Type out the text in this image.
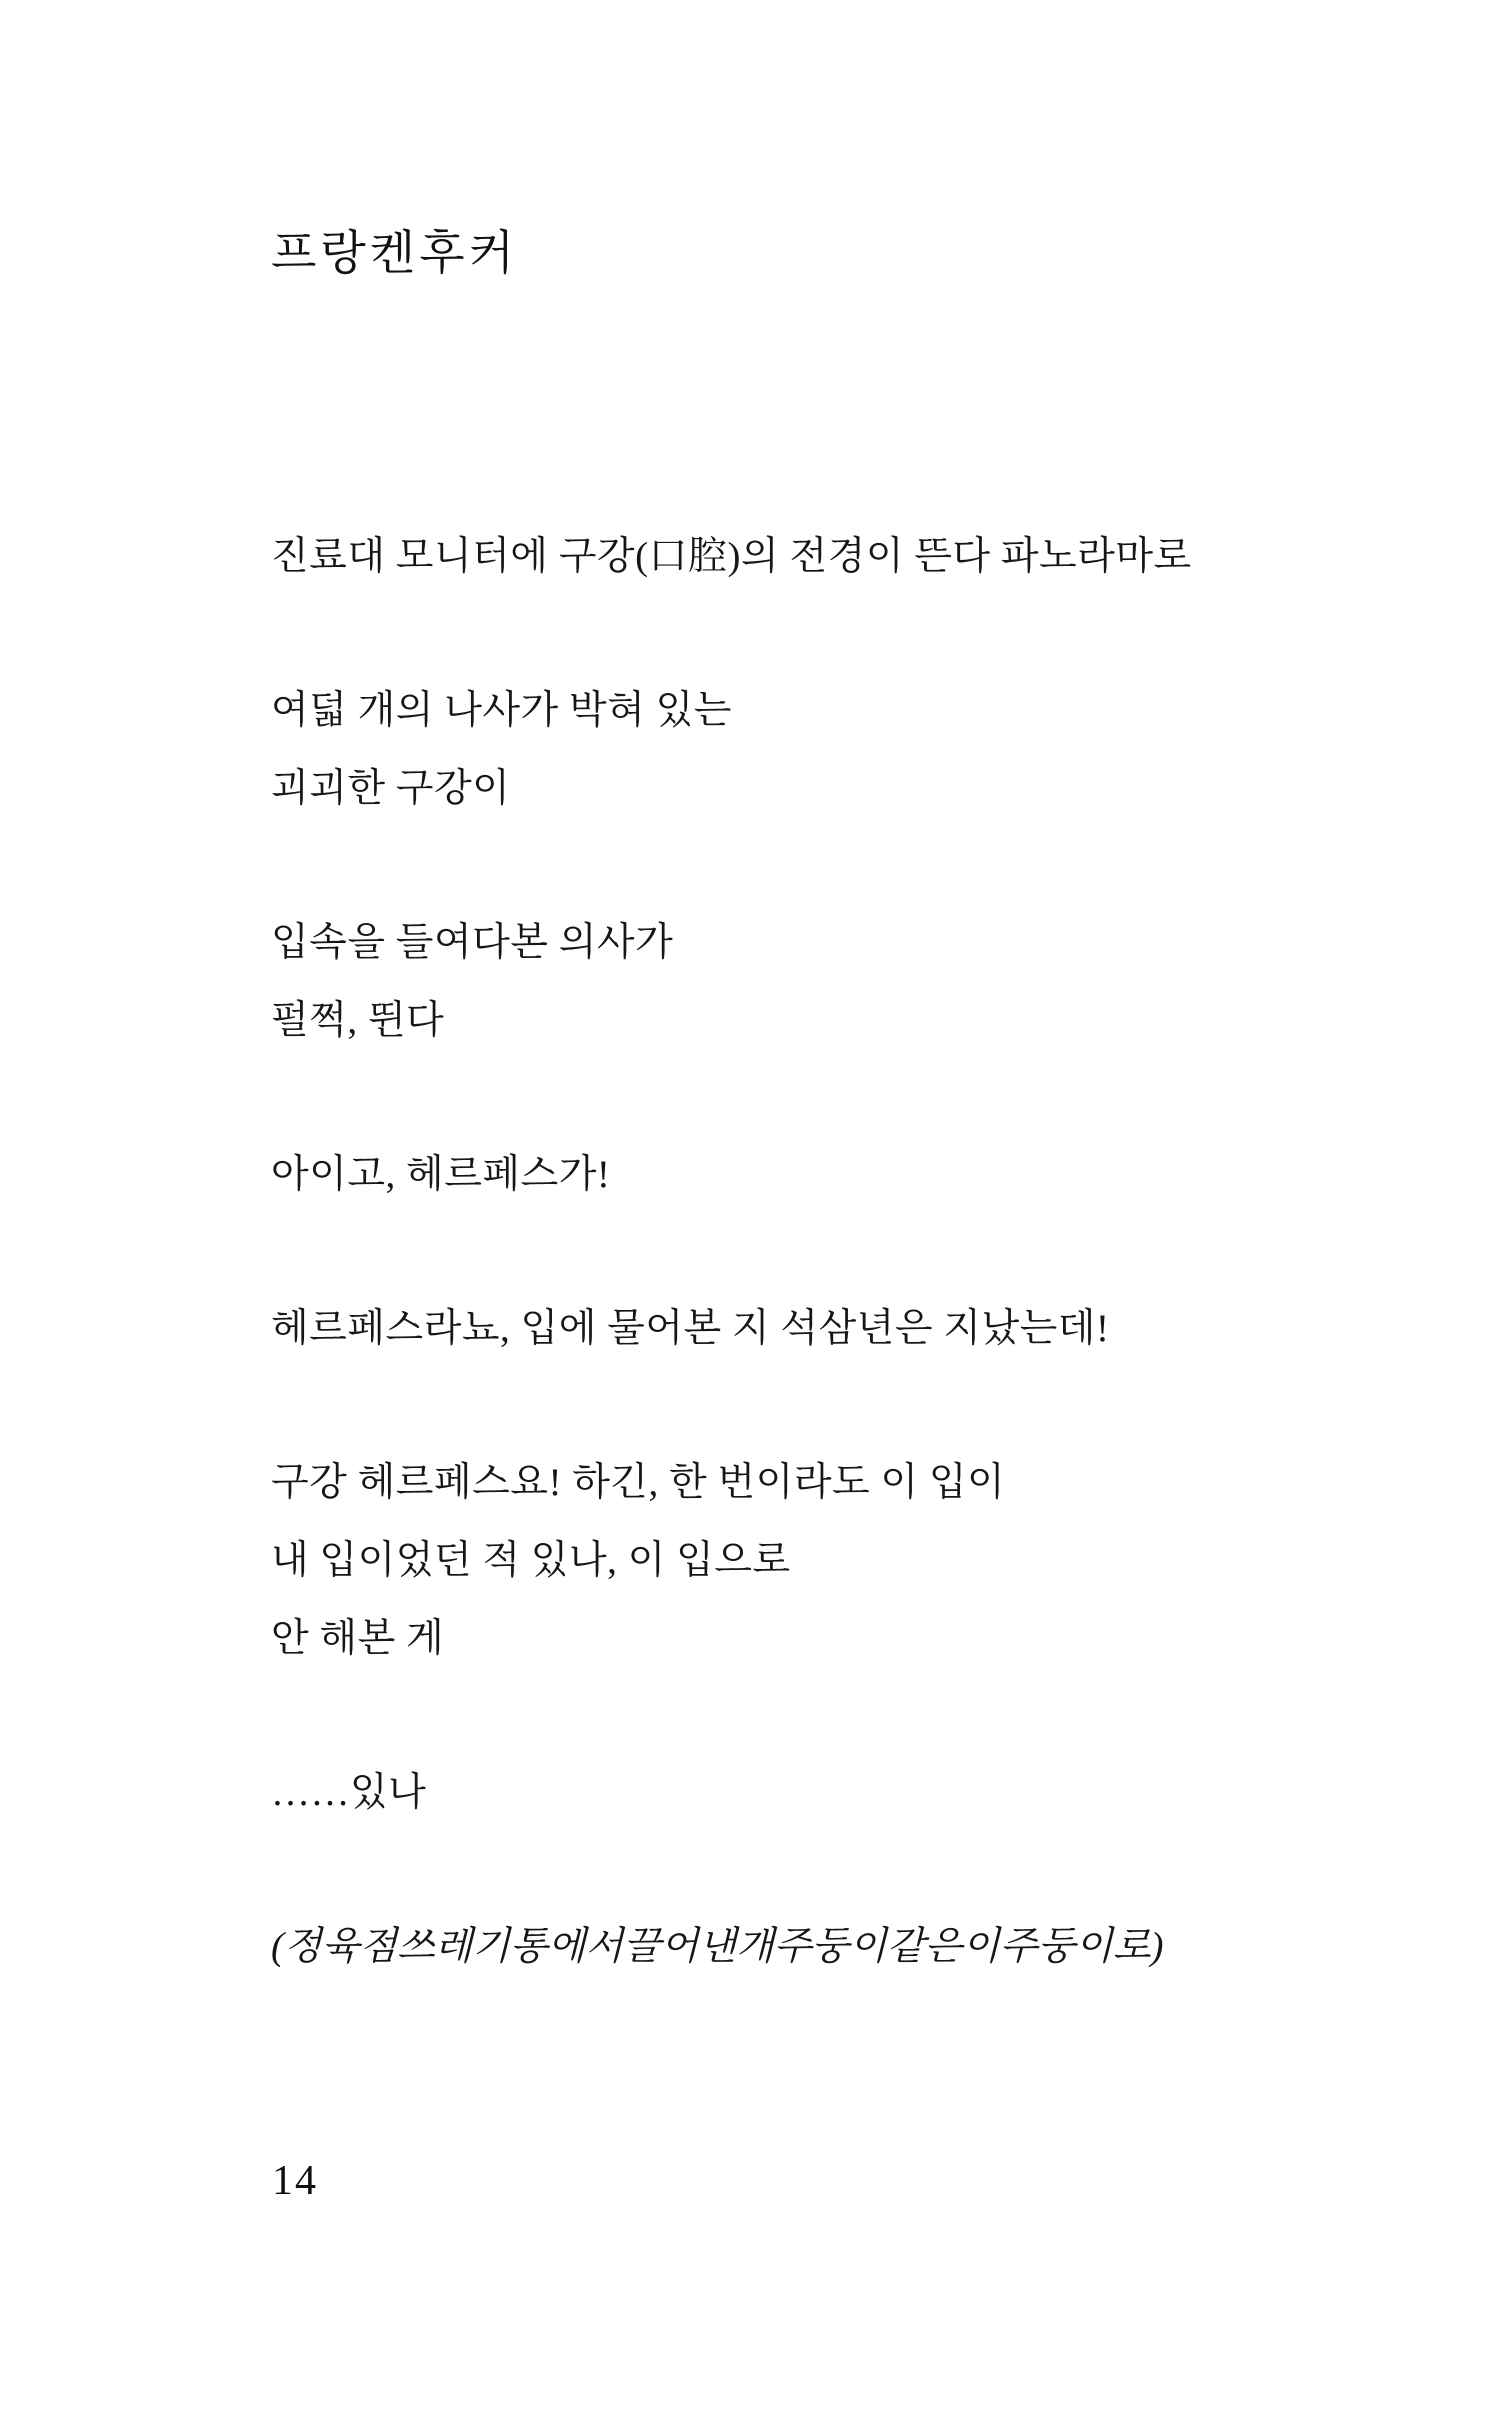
프랑켄후커

진료대 모니터에 구강(口腔)의 전경이 뜬다 파노라마로

여덟 개의 나사가 박혀 있는

괴괴한 구강이

입속을 들여다본 의사가

펄쩍, 뛴다

아이고, 헤르페스가!

헤르페스라뇨, 입에 물어본 지 석삼년은 지났는데!

구강 헤르페스요! 하긴, 한 번이라도 이 입이

내 입이었던 적 있나, 이 입으로

안 해본 게

……있나

(정육점쓰레기통에서끌어낸개주둥이같은이주둥이로)

14
